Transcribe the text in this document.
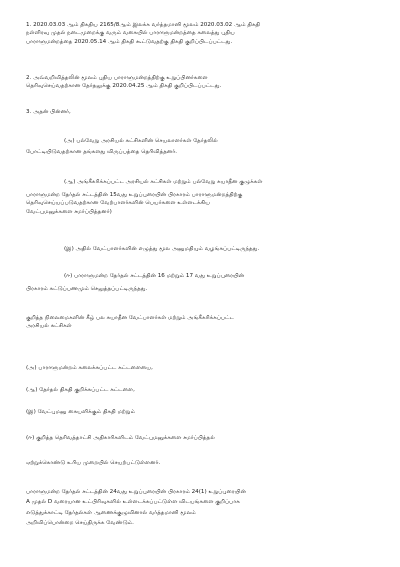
1. 2020.03.03 ஆம் திகதிய 2165/8ஆம் இலக்க வர்த்தமானி மூலம் 2020.03.02 ஆம் திகதி
நள்ளிரவு முதல் நடைமுறைக்கு வரும் வகையில் பாராளுமன்றத்தை கலைத்து புதிய
பாராளுமன்றத்தை 2020.05.14 ஆம் திகதி கூட்டுவதற்கு திகதி குறிப்பிடப்பட்டது.
2. அவ்வறிவித்தலின் மூலம் புதிய பாராளுமன்றத்திற்கு உறுப்பினர்களை
தெரிவுசெய்வதற்கான தேர்தலுக்கு 2020.04.25 ஆம் திகதி குறிப்பிடப்பட்டது.
3. அதன் பின்னர்,
(அ) பல்வேறு அரசியல் கட்சிகளின் செயலாளர்கள் தேர்தலில்
போட்டியிடுவதற்கான தங்களது விருப்பத்தை தெரிவித்தனர்.
(ஆ) அங்கீகரிக்கப்பட்ட அரசியல் கட்சிகள் மற்றும் பல்வேறு சுயாதீன குழுக்கள்
பாராளுமன்ற தேர்தல் சட்டத்தின் 15வது உறுப்புரையின் பிரகாரம் பாராளுமன்றத்திற்கு
தெரிவுசெய்யப்படுவதற்கான வேற்பாளர்களின் பெயர்களை உள்ளடக்கிய
வேட்புமனுக்களை சமர்ப்பித்தனர்)
(இ) அதில் வேட்பாளர்களின் எழுத்து மூல அனுமதியும் வழங்கப்பட்டிருந்தது.
(ஈ) பாராளுமன்ற தேர்தல் சட்டத்தின் 16 மற்றும் 17 வது உறுப்புரையின்
பிரகாரம் கட்டுப்பணமும் செலுத்தப்பட்டிருந்தது.
குறித்த நிலைமைகளின் கீழ் பல சுயாதீன வேட்பாளர்கள் மற்றும் அங்கீகரிக்கப்பட்ட
அரசியல் கட்சிகள்
(அ) பாராளுமன்றம் கலைக்கப்பட்ட கட்டளையை,
(ஆ) தேர்தல் திகதி குறிக்கப்பட்ட கட்டளை,
(இ) வேட்புமனு கையளிக்கும் திகதி மற்றும்
(ஈ) குறித்த தெரிவத்தாட்சி அதிகாரிகளிடம் வேட்புமனுக்களை சமர்ப்பித்தல்
ஏற்றுக்கொண்டு உரிய முறையில் செயற்பட்டுள்ளனர்.
பாராளுமன்ற தேர்தல் சட்டத்தின் 24வது உறுப்புரையின் பிரகாரம் 24(1) உறுப்புரையின்
A முதல் D வரையான உட்பிரிவுகளில் உள்ளடக்கப்பட்டுள்ள விடயங்களை குறிப்பாக
எடுத்துக்காட்டி தேர்தல்கள் ஆணைக்குழுவினால் வர்த்தமானி மூலம்
அறிவிப்பொன்றை செய்திருக்க வேண்டும்.
